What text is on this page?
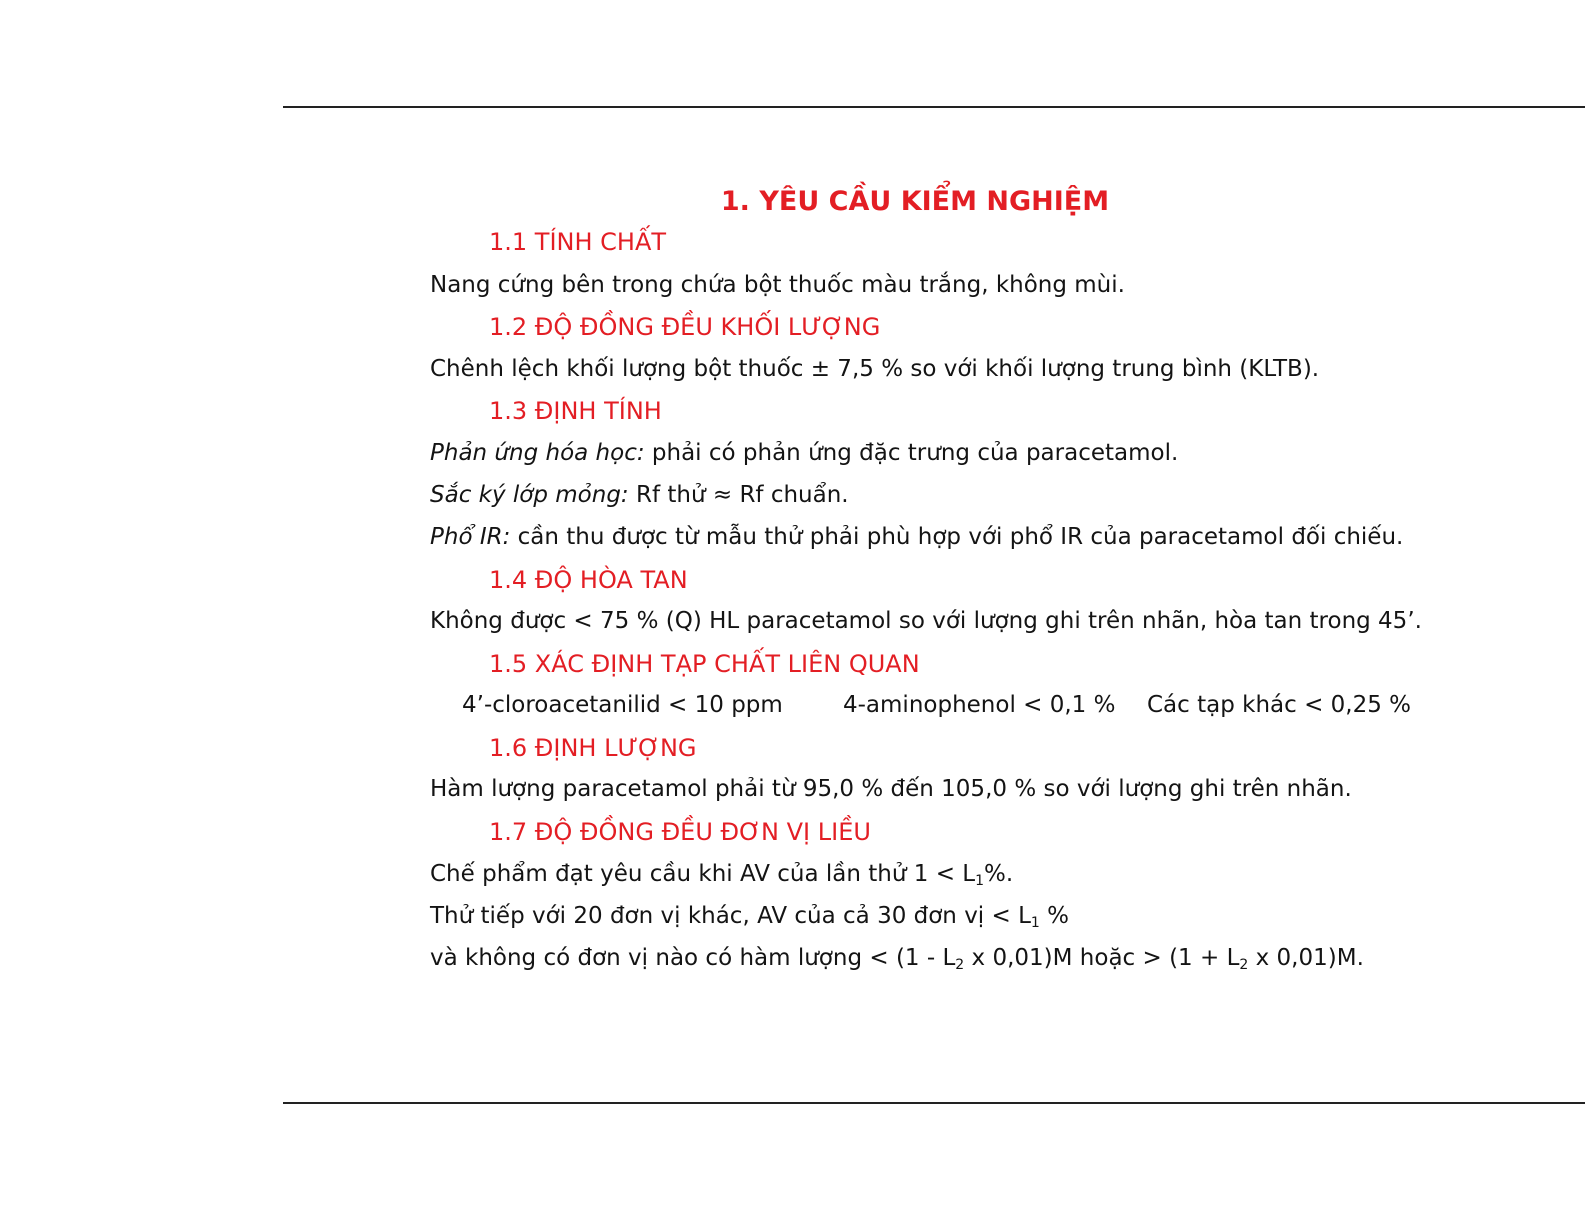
1. YÊU CẦU KIỂM NGHIỆM
1.1 TÍNH CHẤT
Nang cứng bên trong chứa bột thuốc màu trắng, không mùi.
1.2 ĐỘ ĐỒNG ĐỀU KHỐI LƯỢNG
Chênh lệch khối lượng bột thuốc ± 7,5 % so với khối lượng trung bình (KLTB).
1.3 ĐỊNH TÍNH
Phản ứng hóa học: phải có phản ứng đặc trưng của paracetamol.
Sắc ký lớp mỏng: Rf thử ≈ Rf chuẩn.
Phổ IR: cần thu được từ mẫu thử phải phù hợp với phổ IR của paracetamol đối chiếu.
1.4 ĐỘ HÒA TAN
Không được < 75 % (Q) HL paracetamol so với lượng ghi trên nhãn, hòa tan trong 45’.
1.5 XÁC ĐỊNH TẠP CHẤT LIÊN QUAN
4’-cloroacetanilid < 10 ppm	4-aminophenol < 0,1 % Các tạp khác < 0,25 %
1.6 ĐỊNH LƯỢNG
Hàm lượng paracetamol phải từ 95,0 % đến 105,0 % so với lượng ghi trên nhãn.
1.7 ĐỘ ĐỒNG ĐỀU ĐƠN VỊ LIỀU
Chế phẩm đạt yêu cầu khi AV của lần thử $1 < L_1\%$.
Thử tiếp với 20 đơn vị khác, AV của cả 30 đơn vị < $L_1$ %
và không có đơn vị nào có hàm lượng < ($1 - L_2$ x 0,01)M hoặc > ($1 + L_2$ x 0,01)M.
